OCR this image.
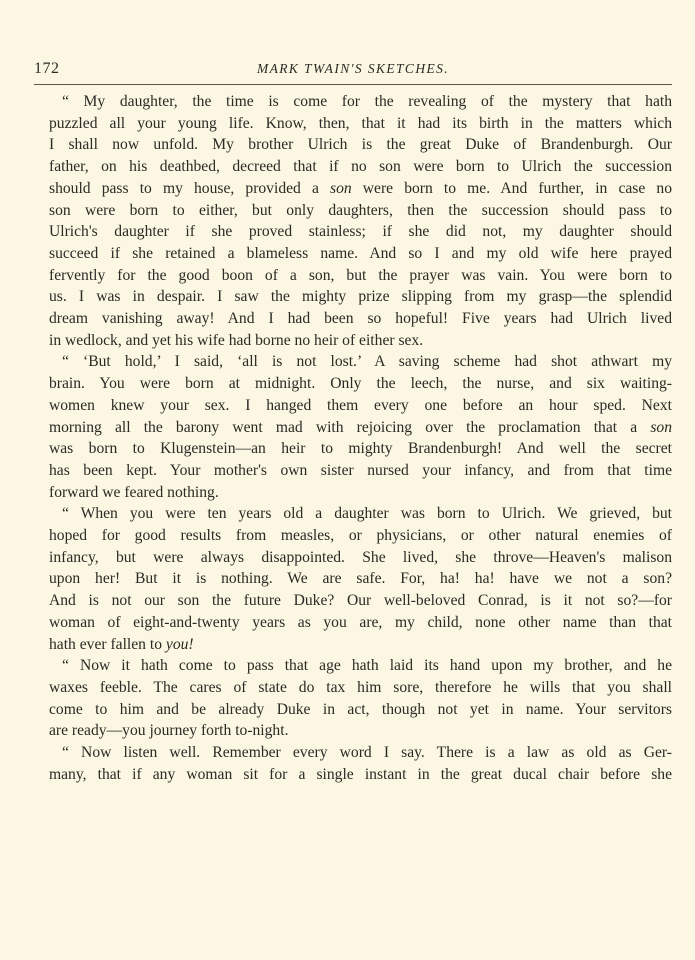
172	MARK TWAIN'S SKETCHES.
“ My daughter, the time is come for the revealing of the mystery that hath
puzzled all your young life. Know, then, that it had its birth in the matters which
I shall now unfold. My brother Ulrich is the great Duke of Brandenburgh. Our
father, on his deathbed, decreed that if no son were born to Ulrich the succession
should pass to my house, provided a son were born to me. And further, in case no
son were born to either, but only daughters, then the succession should pass to
Ulrich's daughter if she proved stainless; if she did not, my daughter should
succeed if she retained a blameless name. And so I and my old wife here prayed
fervently for the good boon of a son, but the prayer was vain. You were born to
us. I was in despair. I saw the mighty prize slipping from my grasp—the splendid
dream vanishing away! And I had been so hopeful! Five years had Ulrich lived
in wedlock, and yet his wife had borne no heir of either sex.
“ ‘But hold,’ I said, ‘all is not lost.’ A saving scheme had shot athwart my
brain. You were born at midnight. Only the leech, the nurse, and six waiting-
women knew your sex. I hanged them every one before an hour sped. Next
morning all the barony went mad with rejoicing over the proclamation that a son
was born to Klugenstein—an heir to mighty Brandenburgh! And well the secret
has been kept. Your mother's own sister nursed your infancy, and from that time
forward we feared nothing.
“ When you were ten years old a daughter was born to Ulrich. We grieved, but
hoped for good results from measles, or physicians, or other natural enemies of
infancy, but were always disappointed. She lived, she throve—Heaven's malison
upon her! But it is nothing. We are safe. For, ha! ha! have we not a son?
And is not our son the future Duke? Our well-beloved Conrad, is it not so?—for
woman of eight-and-twenty years as you are, my child, none other name than that
hath ever fallen to you!
“ Now it hath come to pass that age hath laid its hand upon my brother, and he
waxes feeble. The cares of state do tax him sore, therefore he wills that you shall
come to him and be already Duke in act, though not yet in name. Your servitors
are ready—you journey forth to-night.
“ Now listen well. Remember every word I say. There is a law as old as Ger-
many, that if any woman sit for a single instant in the great ducal chair before she
